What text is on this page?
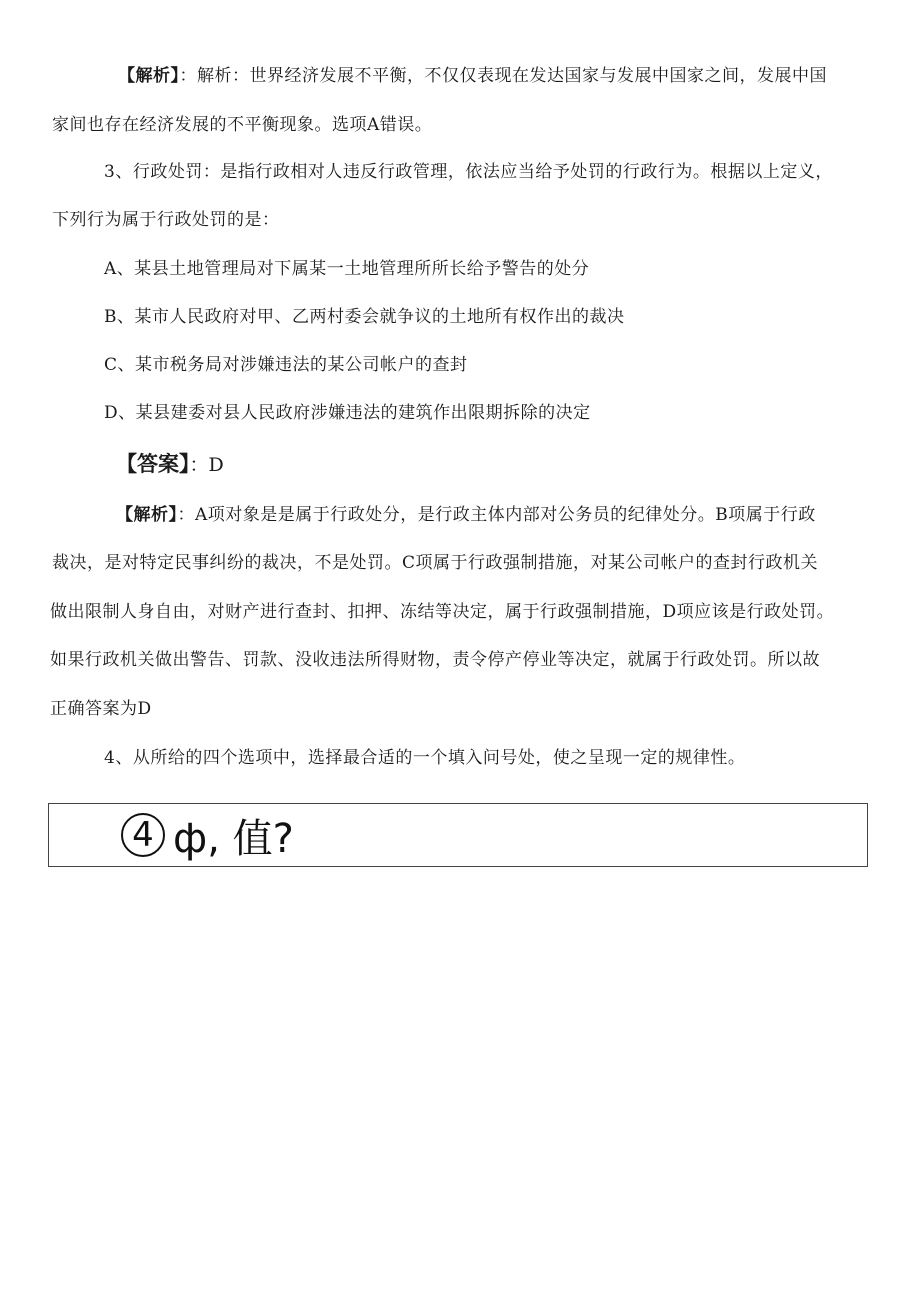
【解析】：解析：世界经济发展不平衡，不仅仅表现在发达国家与发展中国家之间，发展中国
家间也存在经济发展的不平衡现象。选项A错误。
3、行政处罚：是指行政相对人违反行政管理，依法应当给予处罚的行政行为。根据以上定义，
下列行为属于行政处罚的是：
A、某县土地管理局对下属某一土地管理所所长给予警告的处分
B、某市人民政府对甲、乙两村委会就争议的土地所有权作出的裁决
C、某市税务局对涉嫌违法的某公司帐户的查封
D、某县建委对县人民政府涉嫌违法的建筑作出限期拆除的决定
【答案】：D
【解析】：A项对象是是属于行政处分，是行政主体内部对公务员的纪律处分。B项属于行政
裁决，是对特定民事纠纷的裁决，不是处罚。C项属于行政强制措施，对某公司帐户的查封行政机关
做出限制人身自由，对财产进行查封、扣押、冻结等决定，属于行政强制措施，D项应该是行政处罚。
如果行政机关做出警告、罚款、没收违法所得财物，责令停产停业等决定，就属于行政处罚。所以故
正确答案为D
4、从所给的四个选项中，选择最合适的一个填入问号处，使之呈现一定的规律性。
4 ф, 值?
